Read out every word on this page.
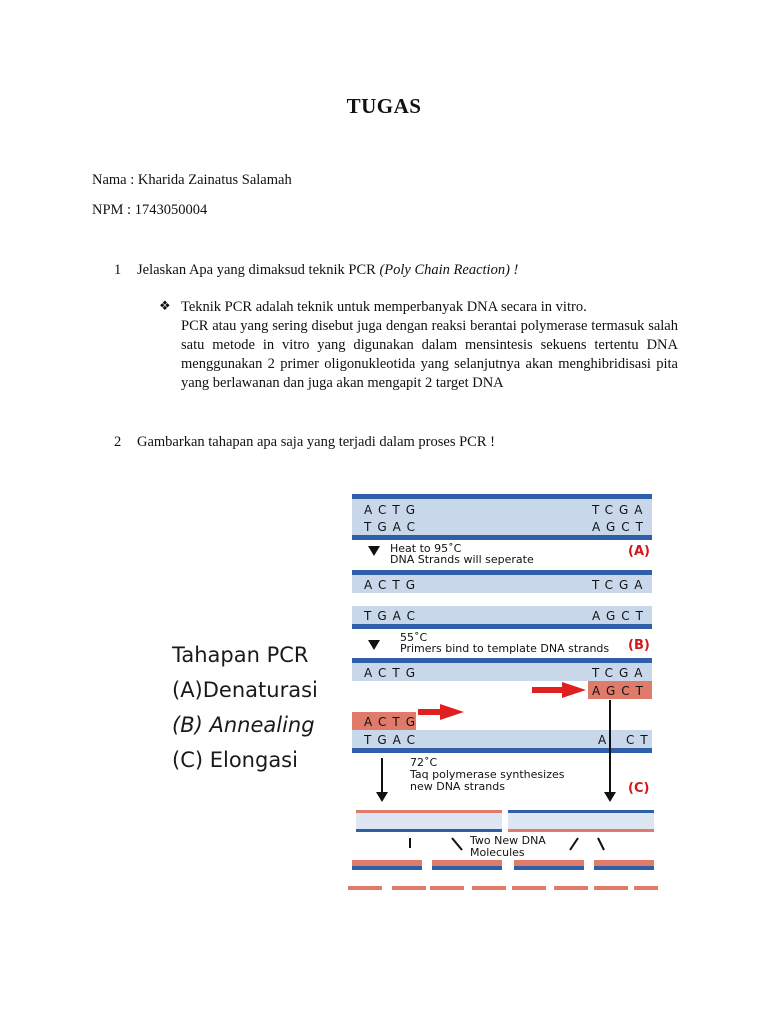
TUGAS
Nama : Kharida Zainatus Salamah
NPM : 1743050004
1 Jelaskan Apa yang dimaksud teknik PCR (Poly Chain Reaction) !
❖ Teknik PCR adalah teknik untuk memperbanyak DNA secara in vitro.

PCR atau yang sering disebut juga dengan reaksi berantai polymerase termasuk salah satu metode in vitro yang digunakan dalam mensintesis sekuens tertentu DNA menggunakan 2 primer oligonukleotida yang selanjutnya akan menghibridisasi pita yang berlawanan dan juga akan mengapit 2 target DNA

2 Gambarkan tahapan apa saja yang terjadi dalam proses PCR !
Tahapan PCR
(A)Denaturasi
(B) Annealing
(C) Elongasi
ACTG	TCGA
TGAC	AGCT
Heat to 95˚C
DNA Strands will seperate
(A)
ACTG	TCGA
TGAC	AGCT
55˚C
Primers bind to template DNA strands (B)
ACTG	TCGA
AGCT
ACTG
TGAC	A CT
72˚C
Taq polymerase synthesizes
new DNA strands	(C)
Two New DNA
Molecules
